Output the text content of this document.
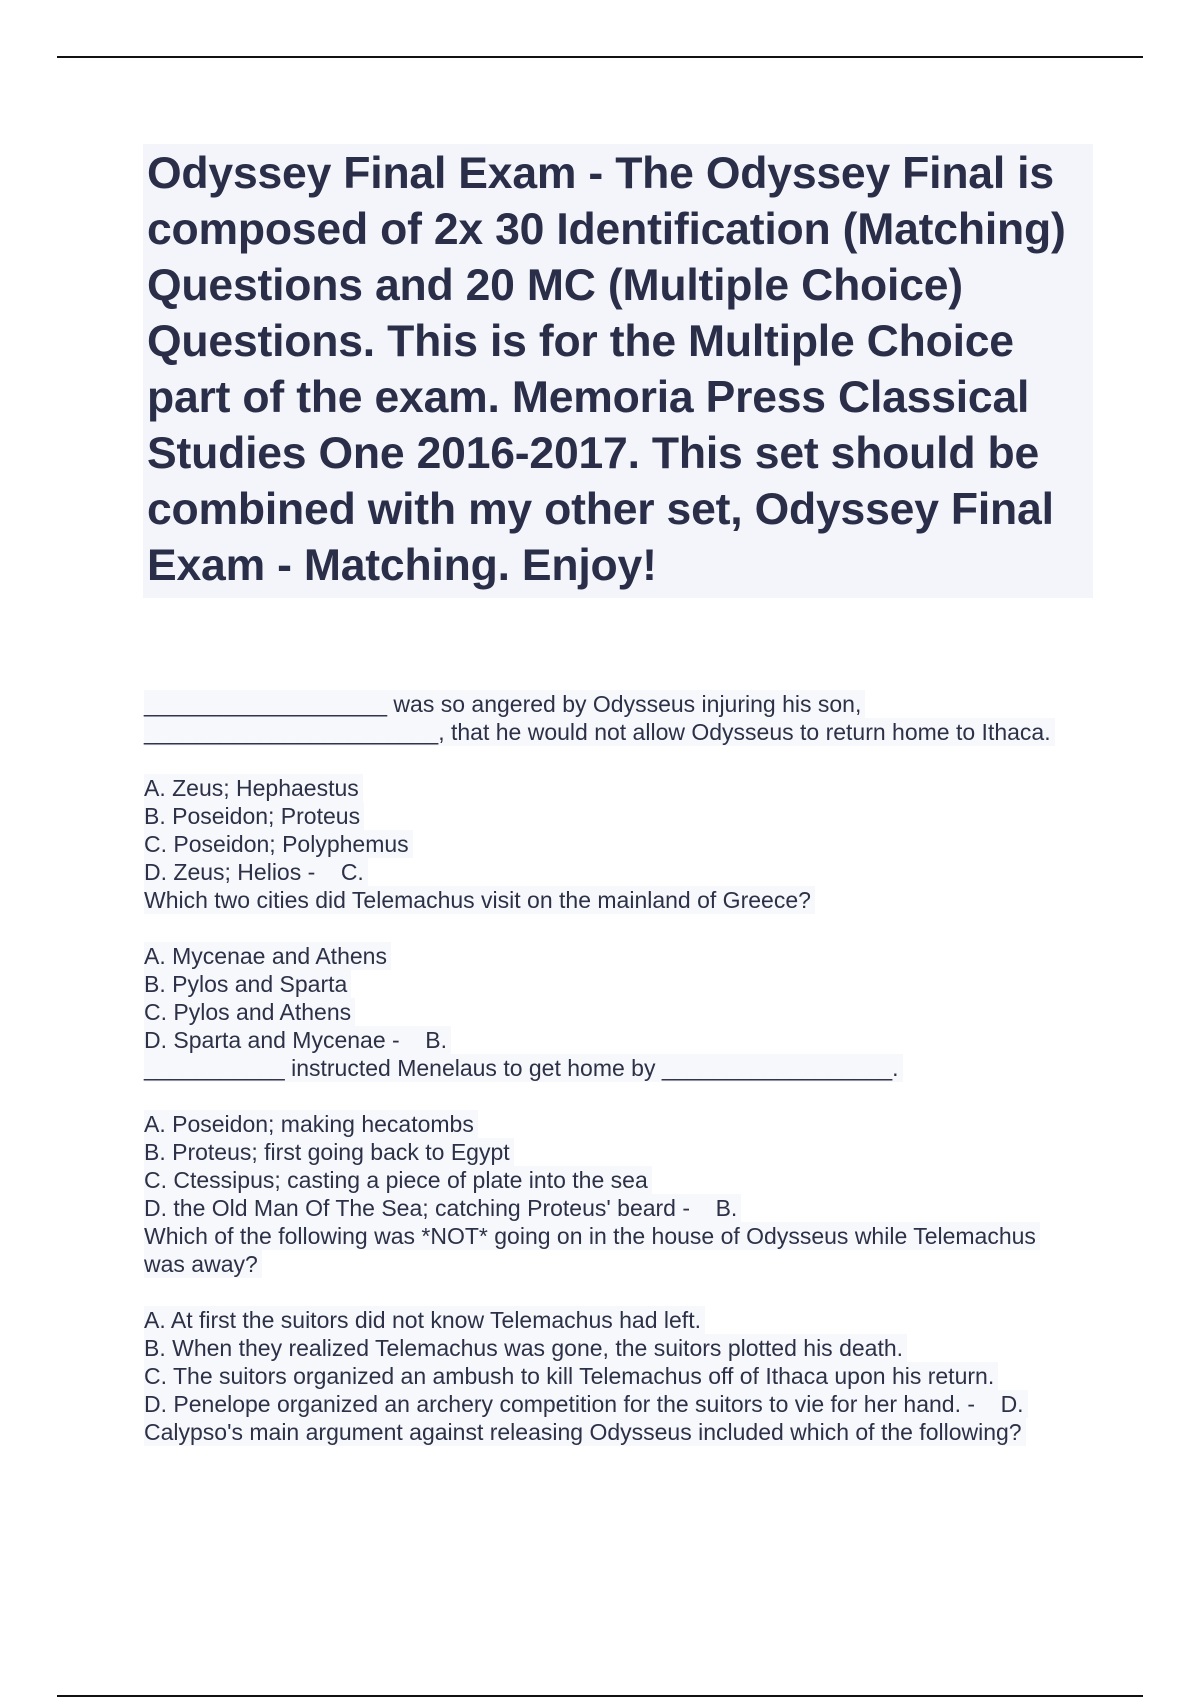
Odyssey Final Exam - The Odyssey Final is composed of 2x 30 Identification (Matching) Questions and 20 MC (Multiple Choice) Questions. This is for the Multiple Choice part of the exam. Memoria Press Classical Studies One 2016-2017. This set should be combined with my other set, Odyssey Final Exam - Matching. Enjoy!
___________________ was so angered by Odysseus injuring his son,
_______________________, that he would not allow Odysseus to return home to Ithaca.
A. Zeus; Hephaestus
B. Poseidon; Proteus
C. Poseidon; Polyphemus
D. Zeus; Helios -    C.
Which two cities did Telemachus visit on the mainland of Greece?
A. Mycenae and Athens
B. Pylos and Sparta
C. Pylos and Athens
D. Sparta and Mycenae -    B.
___________ instructed Menelaus to get home by __________________.
A. Poseidon; making hecatombs
B. Proteus; first going back to Egypt
C. Ctessipus; casting a piece of plate into the sea
D. the Old Man Of The Sea; catching Proteus' beard -    B.
Which of the following was *NOT* going on in the house of Odysseus while Telemachus
was away?
A. At first the suitors did not know Telemachus had left.
B. When they realized Telemachus was gone, the suitors plotted his death.
C. The suitors organized an ambush to kill Telemachus off of Ithaca upon his return.
D. Penelope organized an archery competition for the suitors to vie for her hand. -    D.
Calypso's main argument against releasing Odysseus included which of the following?
